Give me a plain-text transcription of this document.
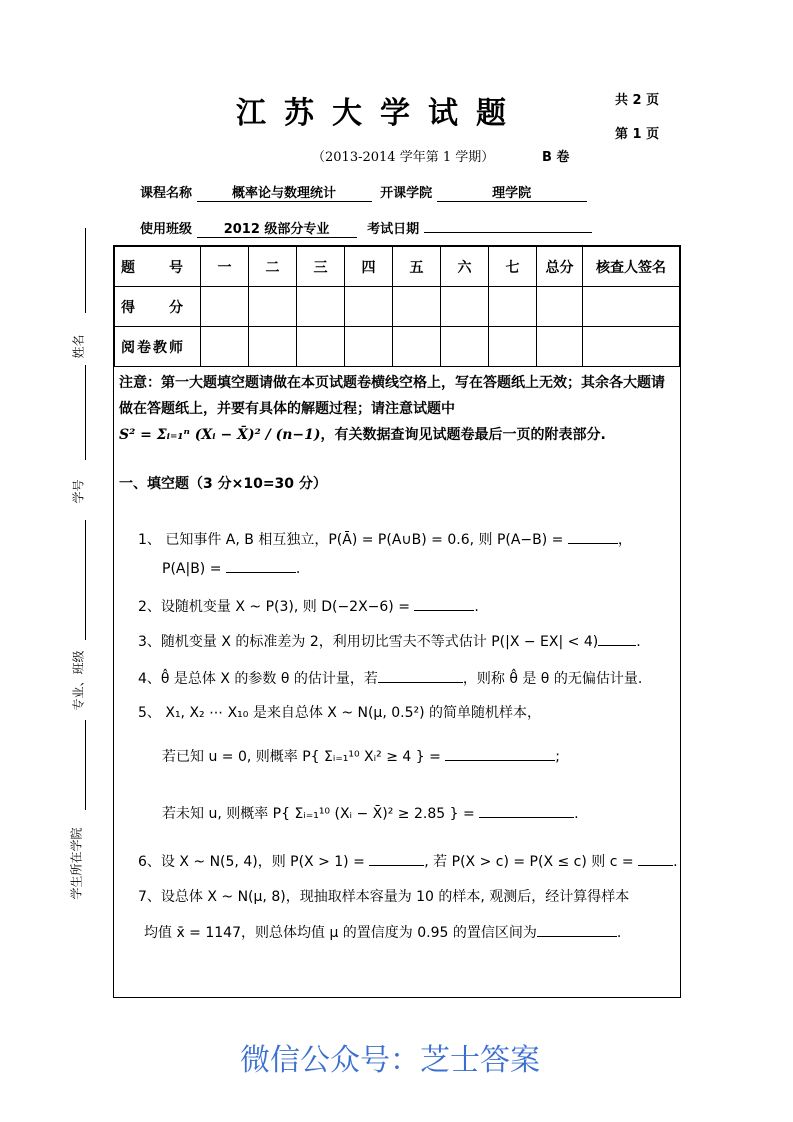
江苏大学试题	共 2 页
第 1 页
（2013-2014 学年第 1 学期）	B 卷
课程名称	概率论与数理统计	开课学院	理学院
使用班级 2012 级部分专业	考试日期
姓名
学号
专业、班级
学生所在学院
题　　号	一	二	三	四	五	六	七	总分	核查人签名
得　　分									
阅卷教师									
注意：第一大题填空题请做在本页试题卷横线空格上，写在答题纸上无效；其余各大题请做在答题纸上，并要有具体的解题过程；请注意试题中
S² = Σᵢ₌₁ⁿ (Xᵢ − X̄)² / (n−1)，有关数据查询见试题卷最后一页的附表部分.
一、填空题（3 分×10=30 分）
1、 已知事件 A, B 相互独立，P(Ā) = P(A∪B) = 0.6, 则 P(A−B) =	，
P(A|B) =	.
2、设随机变量 X ~ P(3), 则 D(−2X−6) =	.
3、随机变量 X 的标准差为 2，利用切比雪夫不等式估计 P(|X − EX| < 4)	.
4、θ̂ 是总体 X 的参数 θ 的估计量，若	，则称 θ̂ 是 θ 的无偏估计量.
5、 X₁, X₂ ⋯ X₁₀ 是来自总体 X ~ N(μ, 0.5²) 的简单随机样本，
若已知 u = 0, 则概率 P{ Σᵢ₌₁¹⁰ Xᵢ² ≥ 4 } =	;
若未知 u, 则概率 P{ Σᵢ₌₁¹⁰ (Xᵢ − X̄)² ≥ 2.85 } =	.
6、设 X ~ N(5, 4)，则 P(X > 1) =	, 若 P(X > c) = P(X ≤ c) 则 c =	.
7、设总体 X ~ N(μ, 8)，现抽取样本容量为 10 的样本, 观测后，经计算得样本
均值 x̄ = 1147，则总体均值 μ 的置信度为 0.95 的置信区间为	.
微信公众号：芝士答案
